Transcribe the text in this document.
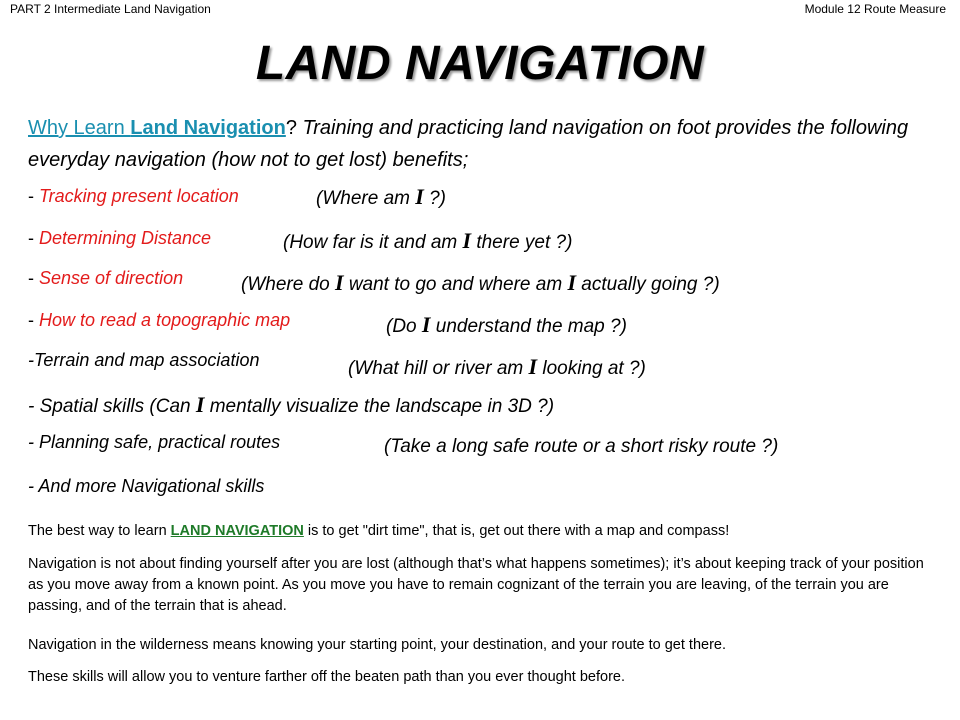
PART 2 Intermediate Land Navigation	Module 12 Route Measure
LAND NAVIGATION

Why Learn Land Navigation? Training and practicing land navigation on foot provides the following everyday navigation (how not to get lost) benefits;

- Tracking present location	(Where am I ?)
- Determining Distance	(How far is it and am I there yet ?)
- Sense of direction	(Where do I want to go and where am I actually going ?)
- How to read a topographic map	(Do I understand the map ?)
-Terrain and map association	(What hill or river am I looking at ?)
- Spatial skills (Can I mentally visualize the landscape in 3D ?)
- Planning safe, practical routes	(Take a long safe route or a short risky route ?)
- And more Navigational skills

The best way to learn LAND NAVIGATION is to get "dirt time", that is, get out there with a map and compass!

Navigation is not about finding yourself after you are lost (although that’s what happens sometimes); it’s about keeping track of your position as you move away from a known point. As you move you have to remain cognizant of the terrain you are leaving, of the terrain you are passing, and of the terrain that is ahead.

Navigation in the wilderness means knowing your starting point, your destination, and your route to get there.

These skills will allow you to venture farther off the beaten path than you ever thought before.
